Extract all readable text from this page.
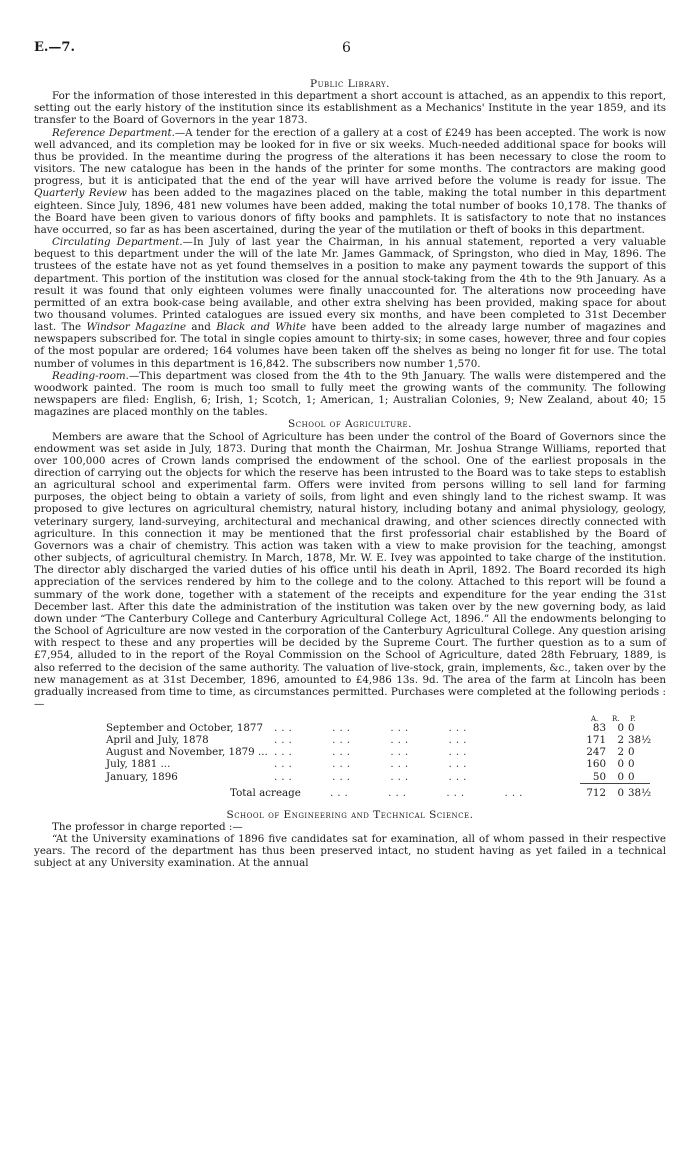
E.—7.	6
Public Library.

For the information of those interested in this department a short account is attached, as an appendix to this report, setting out the early history of the institution since its establishment as a Mechanics' Institute in the year 1859, and its transfer to the Board of Governors in the year 1873.

Reference Department.—A tender for the erection of a gallery at a cost of £249 has been accepted. The work is now well advanced, and its completion may be looked for in five or six weeks. Much-needed additional space for books will thus be provided. In the meantime during the progress of the alterations it has been necessary to close the room to visitors. The new catalogue has been in the hands of the printer for some months. The contractors are making good progress, but it is anticipated that the end of the year will have arrived before the volume is ready for issue. The Quarterly Review has been added to the magazines placed on the table, making the total number in this department eighteen. Since July, 1896, 481 new volumes have been added, making the total number of books 10,178. The thanks of the Board have been given to various donors of fifty books and pamphlets. It is satisfactory to note that no instances have occurred, so far as has been ascertained, during the year of the mutilation or theft of books in this department.

Circulating Department.—In July of last year the Chairman, in his annual statement, reported a very valuable bequest to this department under the will of the late Mr. James Gammack, of Springston, who died in May, 1896. The trustees of the estate have not as yet found themselves in a position to make any payment towards the support of this department. This portion of the institution was closed for the annual stock-taking from the 4th to the 9th January. As a result it was found that only eighteen volumes were finally unaccounted for. The alterations now proceeding have permitted of an extra book-case being available, and other extra shelving has been provided, making space for about two thousand volumes. Printed catalogues are issued every six months, and have been completed to 31st December last. The Windsor Magazine and Black and White have been added to the already large number of magazines and newspapers subscribed for. The total in single copies amount to thirty-six; in some cases, however, three and four copies of the most popular are ordered; 164 volumes have been taken off the shelves as being no longer fit for use. The total number of volumes in this department is 16,842. The subscribers now number 1,570.

Reading-room.—This department was closed from the 4th to the 9th January. The walls were distempered and the woodwork painted. The room is much too small to fully meet the growing wants of the community. The following newspapers are filed: English, 6; Irish, 1; Scotch, 1; American, 1; Australian Colonies, 9; New Zealand, about 40; 15 magazines are placed monthly on the tables.

School of Agriculture.

Members are aware that the School of Agriculture has been under the control of the Board of Governors since the endowment was set aside in July, 1873. During that month the Chairman, Mr. Joshua Strange Williams, reported that over 100,000 acres of Crown lands comprised the endowment of the school. One of the earliest proposals in the direction of carrying out the objects for which the reserve has been intrusted to the Board was to take steps to establish an agricultural school and experimental farm. Offers were invited from persons willing to sell land for farming purposes, the object being to obtain a variety of soils, from light and even shingly land to the richest swamp. It was proposed to give lectures on agricultural chemistry, natural history, including botany and animal physiology, geology, veterinary surgery, land-surveying, architectural and mechanical drawing, and other sciences directly connected with agriculture. In this connection it may be mentioned that the first professorial chair established by the Board of Governors was a chair of chemistry. This action was taken with a view to make provision for the teaching, amongst other subjects, of agricultural chemistry. In March, 1878, Mr. W. E. Ivey was appointed to take charge of the institution. The director ably discharged the varied duties of his office until his death in April, 1892. The Board recorded its high appreciation of the services rendered by him to the college and to the colony. Attached to this report will be found a summary of the work done, together with a statement of the receipts and expenditure for the year ending the 31st December last. After this date the administration of the institution was taken over by the new governing body, as laid down under “The Canterbury College and Canterbury Agricultural College Act, 1896.” All the endowments belonging to the School of Agriculture are now vested in the corporation of the Canterbury Agricultural College. Any question arising with respect to these and any properties will be decided by the Supreme Court. The further question as to a sum of £7,954, alluded to in the report of the Royal Commission on the School of Agriculture, dated 28th February, 1889, is also referred to the decision of the same authority. The valuation of live-stock, grain, implements, &c., taken over by the new management as at 31st December, 1896, amounted to £4,986 13s. 9d. The area of the farm at Lincoln has been gradually increased from time to time, as circumstances permitted. Purchases were completed at the following periods :—

A. R. P.
September and October, 1877 ...     ...     ...     ...	83	0 0
April and July, 1878	...     ...     ...     ...	171	2 38½
August and November, 1879 ... ...     ...     ...     ...	247	2 0
July, 1881 ...	...     ...     ...     ...	160	0 0
January, 1896	...     ...     ...     ...	50	0 0
Total acreage	...     ...     ...     ...	712	0 38½
School of Engineering and Technical Science.

The professor in charge reported :—

“At the University examinations of 1896 five candidates sat for examination, all of whom passed in their respective years. The record of the department has thus been preserved intact, no student having as yet failed in a technical subject at any University examination. At the annual
